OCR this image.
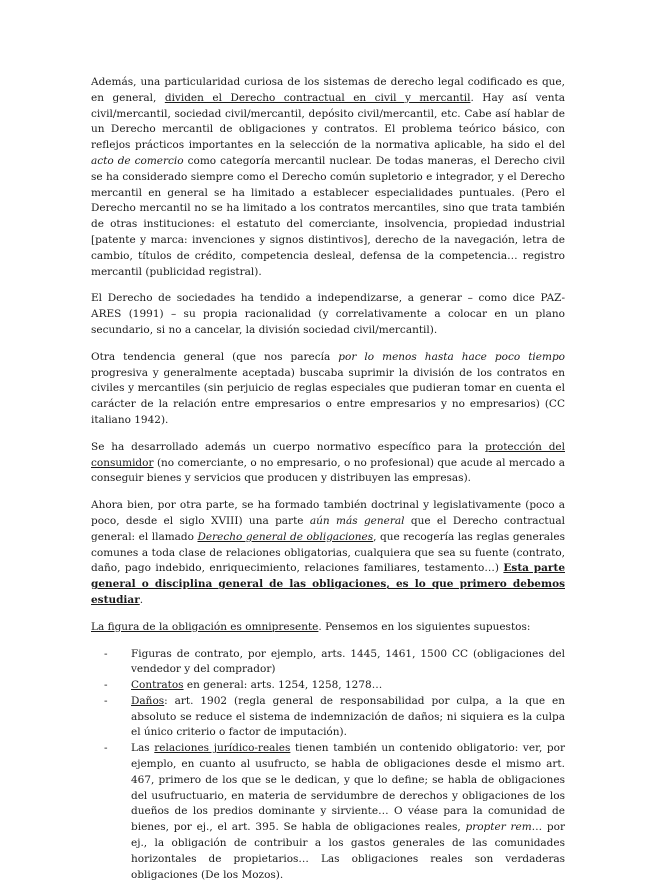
Además, una particularidad curiosa de los sistemas de derecho legal codificado es que, en general, dividen el Derecho contractual en civil y mercantil. Hay así venta civil/mercantil, sociedad civil/mercantil, depósito civil/mercantil, etc. Cabe así hablar de un Derecho mercantil de obligaciones y contratos. El problema teórico básico, con reflejos prácticos importantes en la selección de la normativa aplicable, ha sido el del acto de comercio como categoría mercantil nuclear. De todas maneras, el Derecho civil se ha considerado siempre como el Derecho común supletorio e integrador, y el Derecho mercantil en general se ha limitado a establecer especialidades puntuales. (Pero el Derecho mercantil no se ha limitado a los contratos mercantiles, sino que trata también de otras instituciones: el estatuto del comerciante, insolvencia, propiedad industrial [patente y marca: invenciones y signos distintivos], derecho de la navegación, letra de cambio, títulos de crédito, competencia desleal, defensa de la competencia… registro mercantil (publicidad registral).

El Derecho de sociedades ha tendido a independizarse, a generar – como dice PAZ-ARES (1991) – su propia racionalidad (y correlativamente a colocar en un plano secundario, si no a cancelar, la división sociedad civil/mercantil).

Otra tendencia general (que nos parecía por lo menos hasta hace poco tiempo progresiva y generalmente aceptada) buscaba suprimir la división de los contratos en civiles y mercantiles (sin perjuicio de reglas especiales que pudieran tomar en cuenta el carácter de la relación entre empresarios o entre empresarios y no empresarios) (CC italiano 1942).

Se ha desarrollado además un cuerpo normativo específico para la protección del consumidor (no comerciante, o no empresario, o no profesional) que acude al mercado a conseguir bienes y servicios que producen y distribuyen las empresas).

Ahora bien, por otra parte, se ha formado también doctrinal y legislativamente (poco a poco, desde el siglo XVIII) una parte aún más general que el Derecho contractual general: el llamado Derecho general de obligaciones, que recogería las reglas generales comunes a toda clase de relaciones obligatorias, cualquiera que sea su fuente (contrato, daño, pago indebido, enriquecimiento, relaciones familiares, testamento…) Esta parte general o disciplina general de las obligaciones, es lo que primero debemos estudiar.

La figura de la obligación es omnipresente. Pensemos en los siguientes supuestos:

- Figuras de contrato, por ejemplo, arts. 1445, 1461, 1500 CC (obligaciones del vendedor y del comprador)
- Contratos en general: arts. 1254, 1258, 1278…
- Daños: art. 1902 (regla general de responsabilidad por culpa, a la que en absoluto se reduce el sistema de indemnización de daños; ni siquiera es la culpa el único criterio o factor de imputación).
- Las relaciones jurídico-reales tienen también un contenido obligatorio: ver, por ejemplo, en cuanto al usufructo, se habla de obligaciones desde el mismo art. 467, primero de los que se le dedican, y que lo define; se habla de obligaciones del usufructuario, en materia de servidumbre de derechos y obligaciones de los dueños de los predios dominante y sirviente… O véase para la comunidad de bienes, por ej., el art. 395. Se habla de obligaciones reales, propter rem… por ej., la obligación de contribuir a los gastos generales de las comunidades horizontales de propietarios… Las obligaciones reales son verdaderas obligaciones (De los Mozos).
